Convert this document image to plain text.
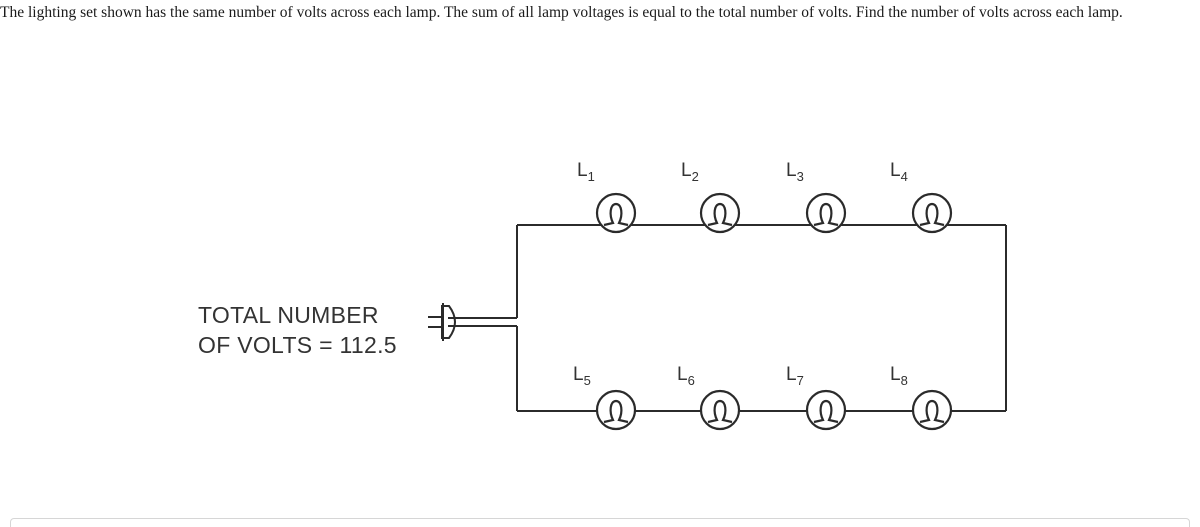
The lighting set shown has the same number of volts across each lamp. The sum of all lamp voltages is equal to the total number of volts. Find the number of volts across each lamp.
TOTAL NUMBER
OF VOLTS = 112.5
$L_1$	$L_2$	$L_3$	$L_4$
$L_5$	$L_6$	$L_7$	$L_8$
